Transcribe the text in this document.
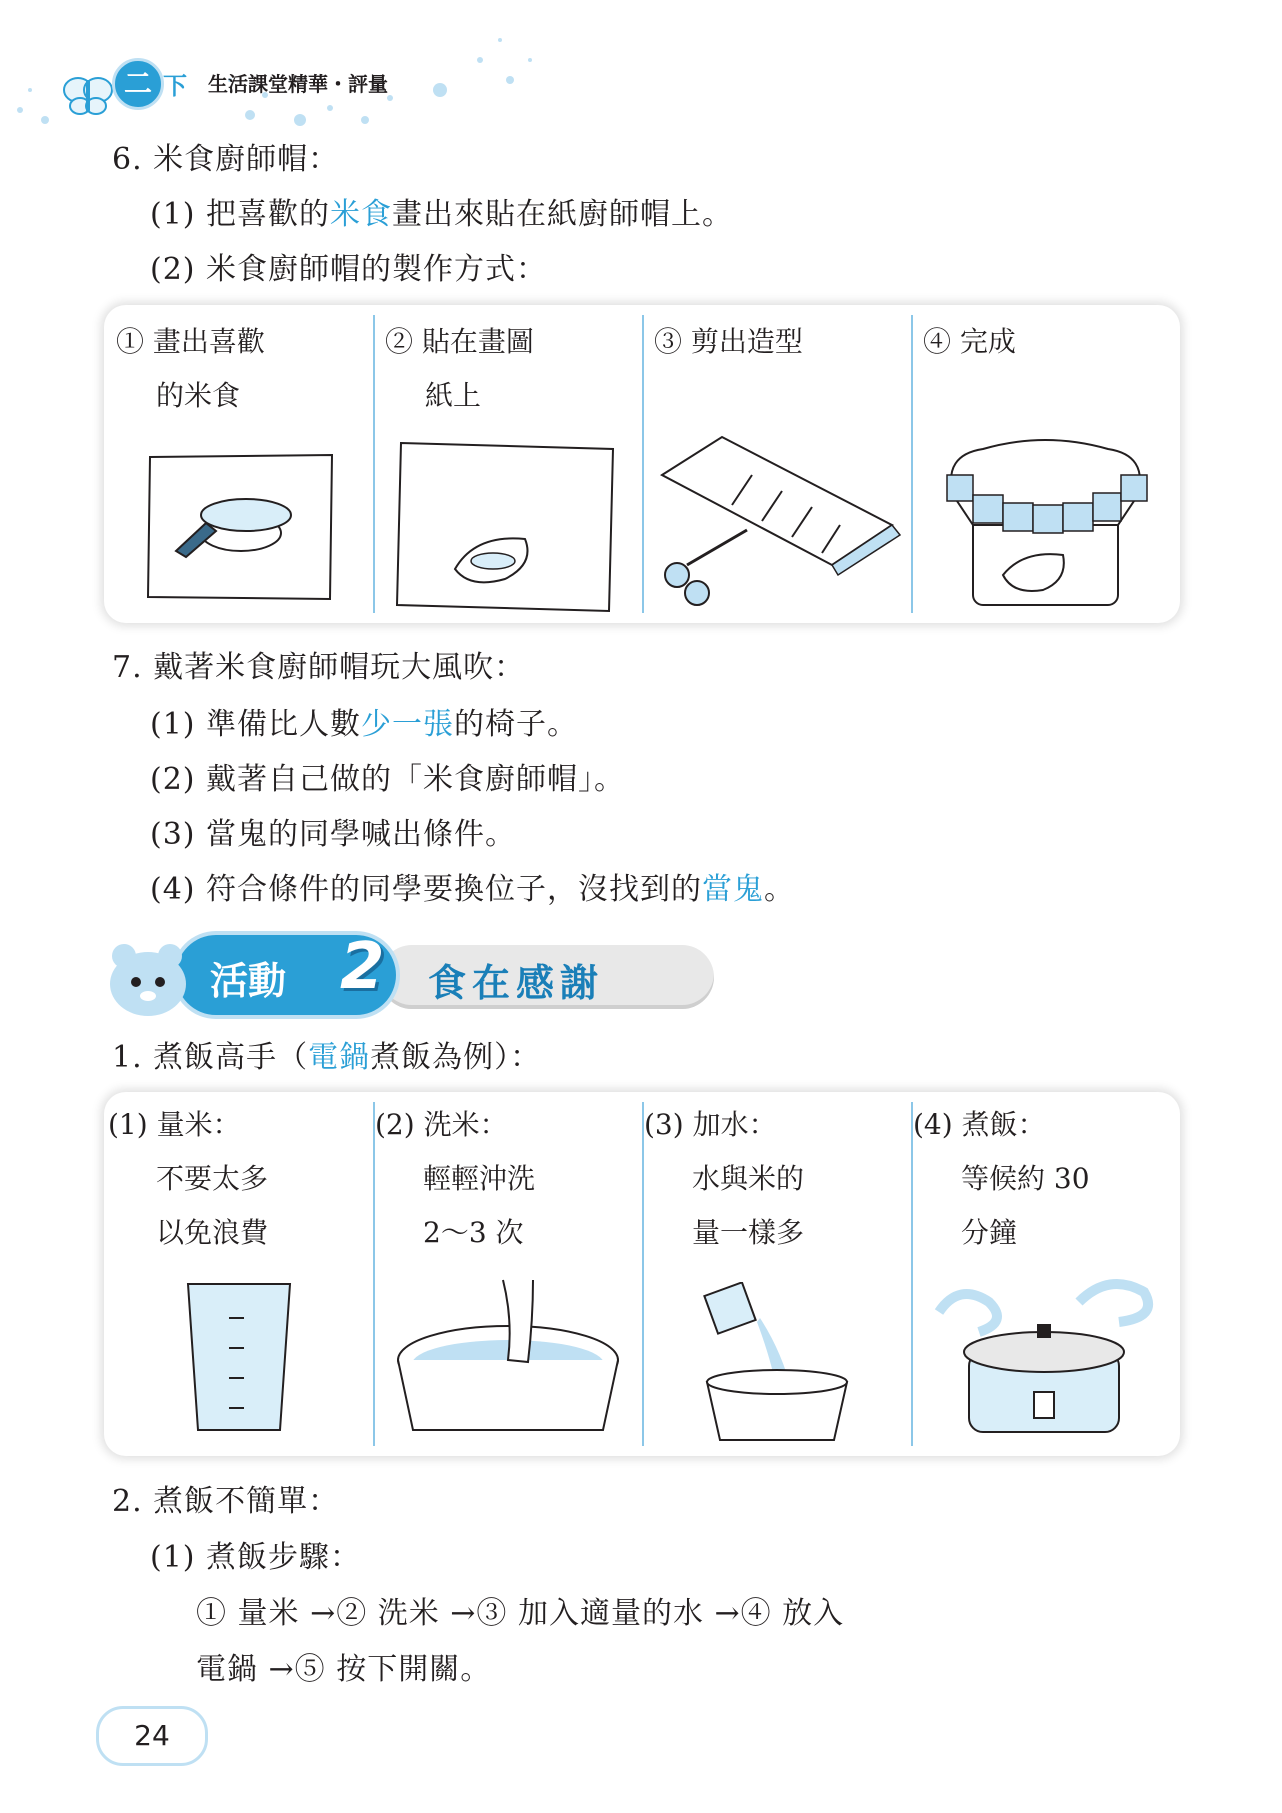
二 下 生活課堂精華・評量
6. 米食廚師帽：
(1) 把喜歡的米食畫出來貼在紙廚師帽上。
(2) 米食廚師帽的製作方式：
① 畫出喜歡
的米食
② 貼在畫圖
紙上
③ 剪出造型	④ 完成
7. 戴著米食廚師帽玩大風吹：
(1) 準備比人數少一張的椅子。
(2) 戴著自己做的「米食廚師帽」。
(3) 當鬼的同學喊出條件。
(4) 符合條件的同學要換位子，沒找到的當鬼。
活動 2 食在感謝
1. 煮飯高手（電鍋煮飯為例）：
(1) 量米：
不要太多
以免浪費
(2) 洗米：
輕輕沖洗
2～3 次
(3) 加水：
水與米的
量一樣多
(4) 煮飯：
等候約 30
分鐘
2. 煮飯不簡單：
(1) 煮飯步驟：
① 量米 →② 洗米 →③ 加入適量的水 →④ 放入
電鍋 →⑤ 按下開關。
24
